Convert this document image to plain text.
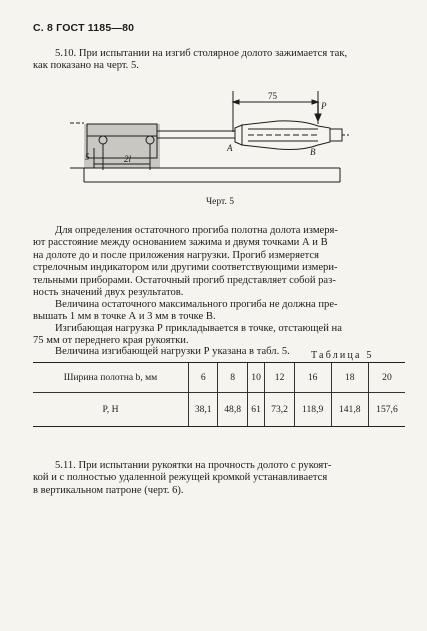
С. 8 ГОСТ 1185—80
5.10. При испытании на изгиб столярное долото зажимается так,
как показано на черт. 5.
75
P
A	B
5	2l
Черт. 5
Для определения остаточного прогиба полотна долота измеря-
ют расстояние между основанием зажима и двумя точками А и В
на долоте до и после приложения нагрузки. Прогиб измеряется
стрелочным индикатором или другими соответствующими измери-
тельными приборами. Остаточный прогиб представляет собой раз-
ность значений двух результатов.
Величина остаточного максимального прогиба не должна пре-
вышать 1 мм в точке А и 3 мм в точке В.
Изгибающая нагрузка Р прикладывается в точке, отстающей на
75 мм от переднего края рукоятки.
Величина изгибающей нагрузки Р указана в табл. 5.	Таблица 5
Ширина полотна b, мм	6	8	10	12	16	18	20
P, Н	38,1	48,8	61	73,2	118,9	141,8	157,6
5.11. При испытании рукоятки на прочность долото с рукоят-
кой и с полностью удаленной режущей кромкой устанавливается
в вертикальном патроне (черт. 6).
